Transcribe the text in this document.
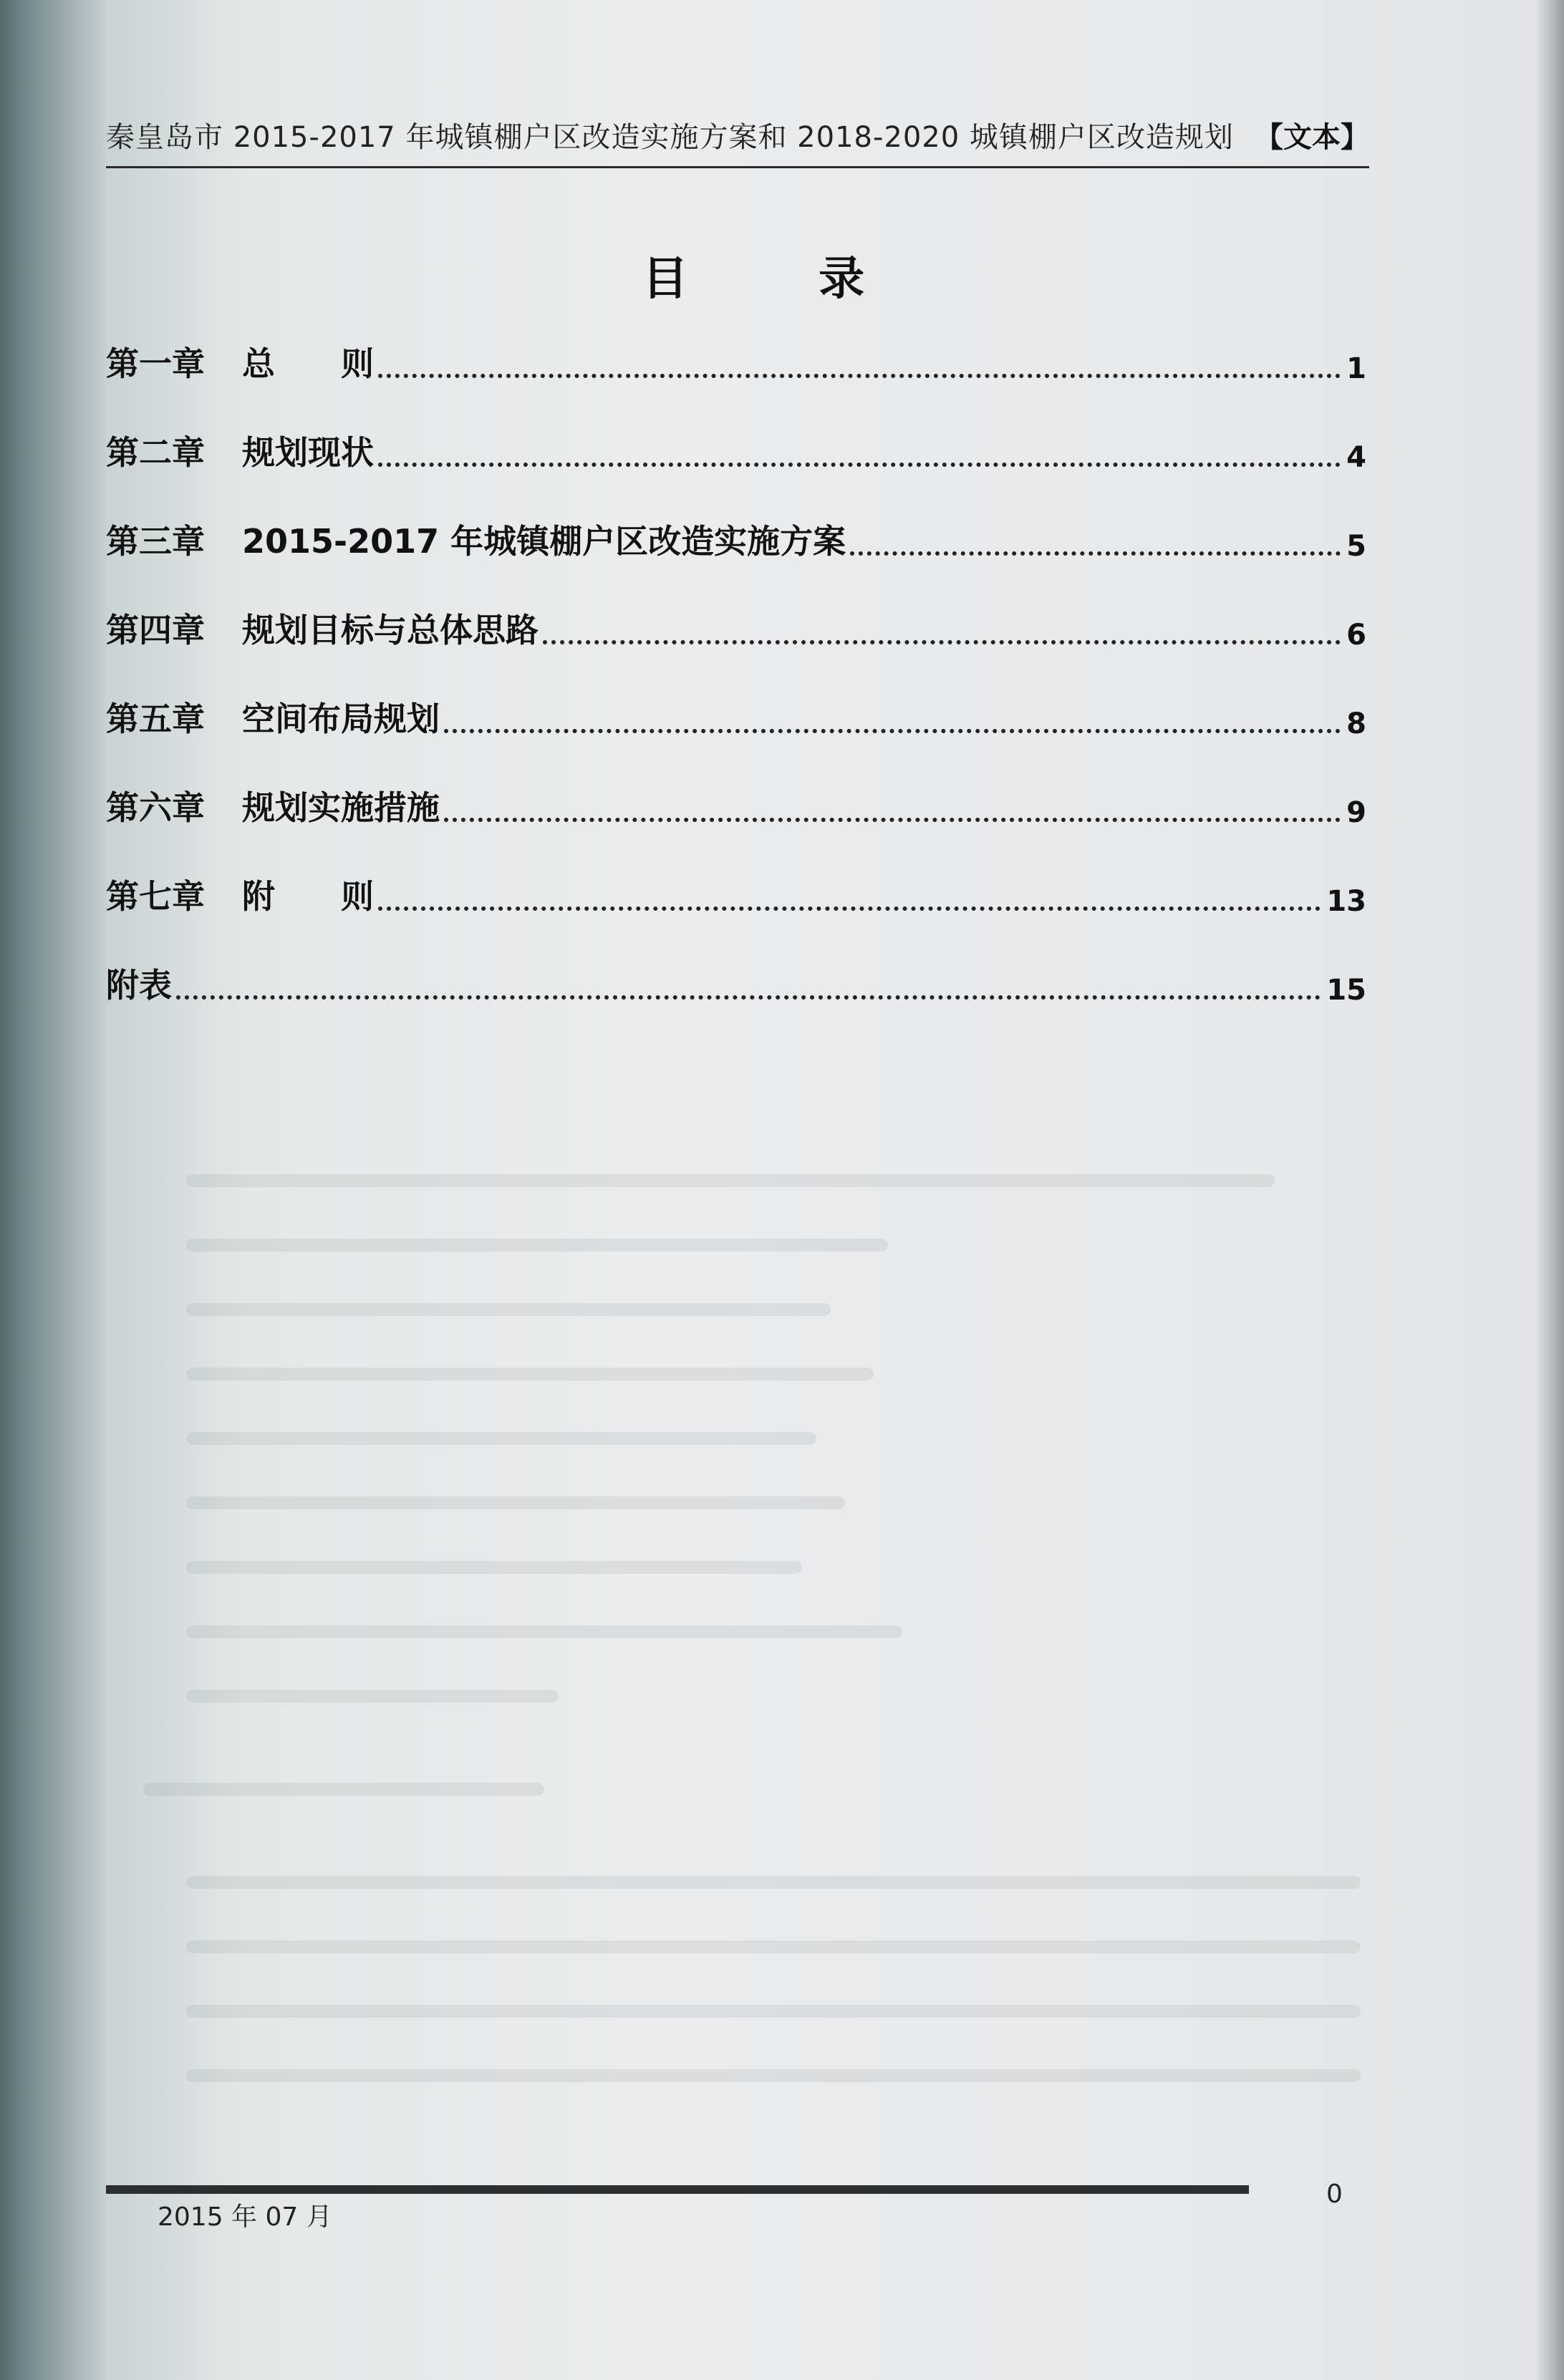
秦皇岛市 2015-2017 年城镇棚户区改造实施方案和 2018-2020 城镇棚户区改造规划 【文本】
目 录
第一章	总　　则	1
第二章	规划现状	4
第三章	2015-2017 年城镇棚户区改造实施方案	5
第四章	规划目标与总体思路	6
第五章	空间布局规划	8
第六章	规划实施措施	9
第七章	附　　则	13
附表	15
2015 年 07 月
0
